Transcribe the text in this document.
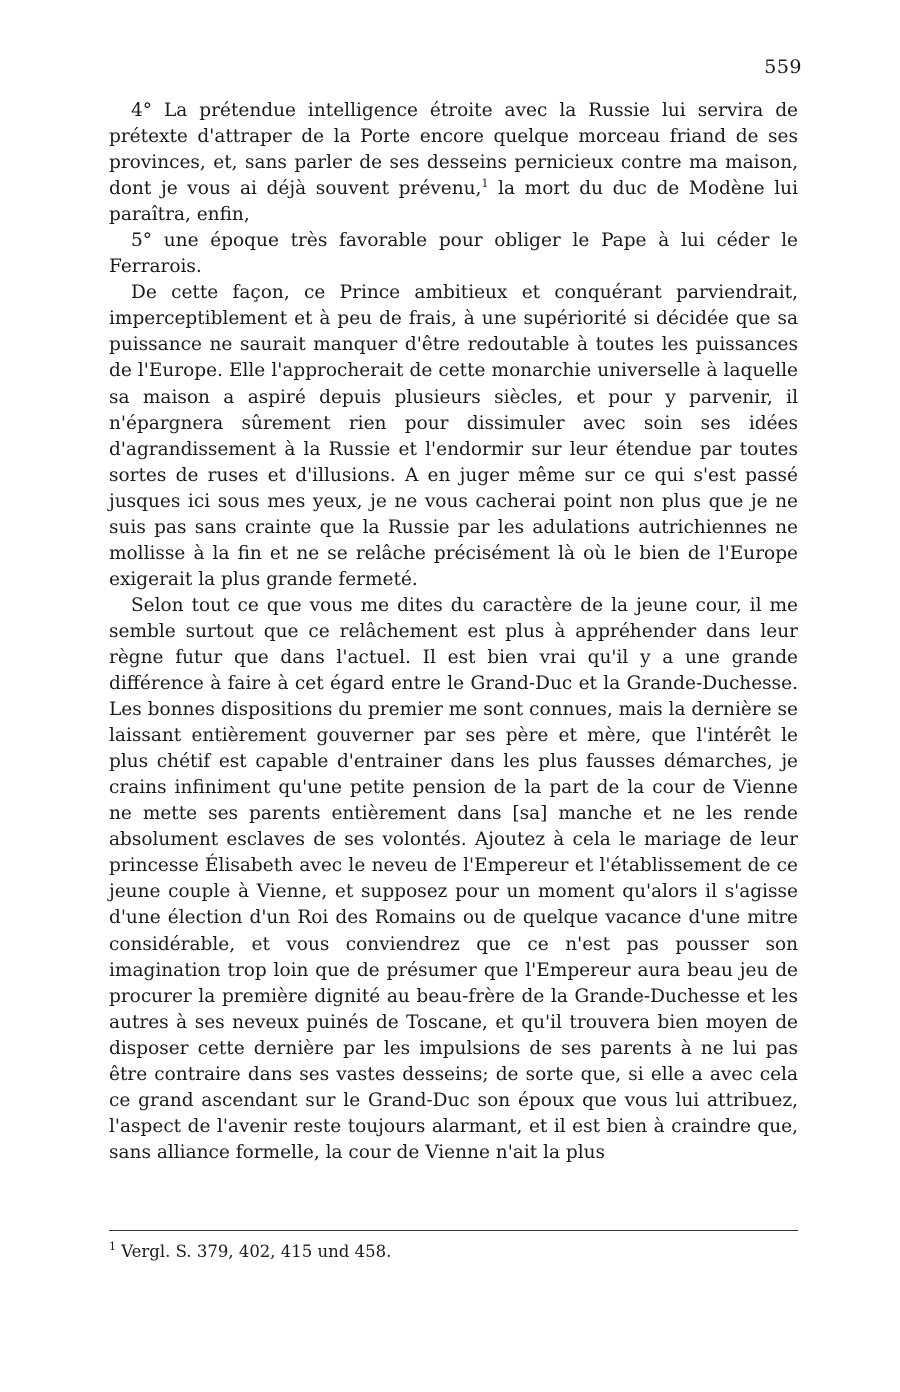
559

4° La prétendue intelligence étroite avec la Russie lui servira de prétexte d'attraper de la Porte encore quelque morceau friand de ses provinces, et, sans parler de ses desseins pernicieux contre ma maison, dont je vous ai déjà souvent prévenu,$^1$ la mort du duc de Modène lui paraîtra, enfin,

5° une époque très favorable pour obliger le Pape à lui céder le Ferrarois.

De cette façon, ce Prince ambitieux et conquérant parviendrait, imperceptiblement et à peu de frais, à une supériorité si décidée que sa puissance ne saurait manquer d'être redoutable à toutes les puissances de l'Europe. Elle l'approcherait de cette monarchie universelle à laquelle sa maison a aspiré depuis plusieurs siècles, et pour y parvenir, il n'épargnera sûrement rien pour dissimuler avec soin ses idées d'agrandissement à la Russie et l'endormir sur leur étendue par toutes sortes de ruses et d'illusions. A en juger même sur ce qui s'est passé jusques ici sous mes yeux, je ne vous cacherai point non plus que je ne suis pas sans crainte que la Russie par les adulations autrichiennes ne mollisse à la fin et ne se relâche précisément là où le bien de l'Europe exigerait la plus grande fermeté.

Selon tout ce que vous me dites du caractère de la jeune cour, il me semble surtout que ce relâchement est plus à appréhender dans leur règne futur que dans l'actuel. Il est bien vrai qu'il y a une grande différence à faire à cet égard entre le Grand-Duc et la Grande-Duchesse. Les bonnes dispositions du premier me sont connues, mais la dernière se laissant entièrement gouverner par ses père et mère, que l'intérêt le plus chétif est capable d'entrainer dans les plus fausses démarches, je crains infiniment qu'une petite pension de la part de la cour de Vienne ne mette ses parents entièrement dans [sa] manche et ne les rende absolument esclaves de ses volontés. Ajoutez à cela le mariage de leur princesse Élisabeth avec le neveu de l'Empereur et l'établissement de ce jeune couple à Vienne, et supposez pour un moment qu'alors il s'agisse d'une élection d'un Roi des Romains ou de quelque vacance d'une mitre considérable, et vous conviendrez que ce n'est pas pousser son imagination trop loin que de présumer que l'Empereur aura beau jeu de procurer la première dignité au beau-frère de la Grande-Duchesse et les autres à ses neveux puinés de Toscane, et qu'il trouvera bien moyen de disposer cette dernière par les impulsions de ses parents à ne lui pas être contraire dans ses vastes desseins; de sorte que, si elle a avec cela ce grand ascendant sur le Grand-Duc son époux que vous lui attribuez, l'aspect de l'avenir reste toujours alarmant, et il est bien à craindre que, sans alliance formelle, la cour de Vienne n'ait la plus

$^1$ Vergl. S. 379, 402, 415 und 458.
